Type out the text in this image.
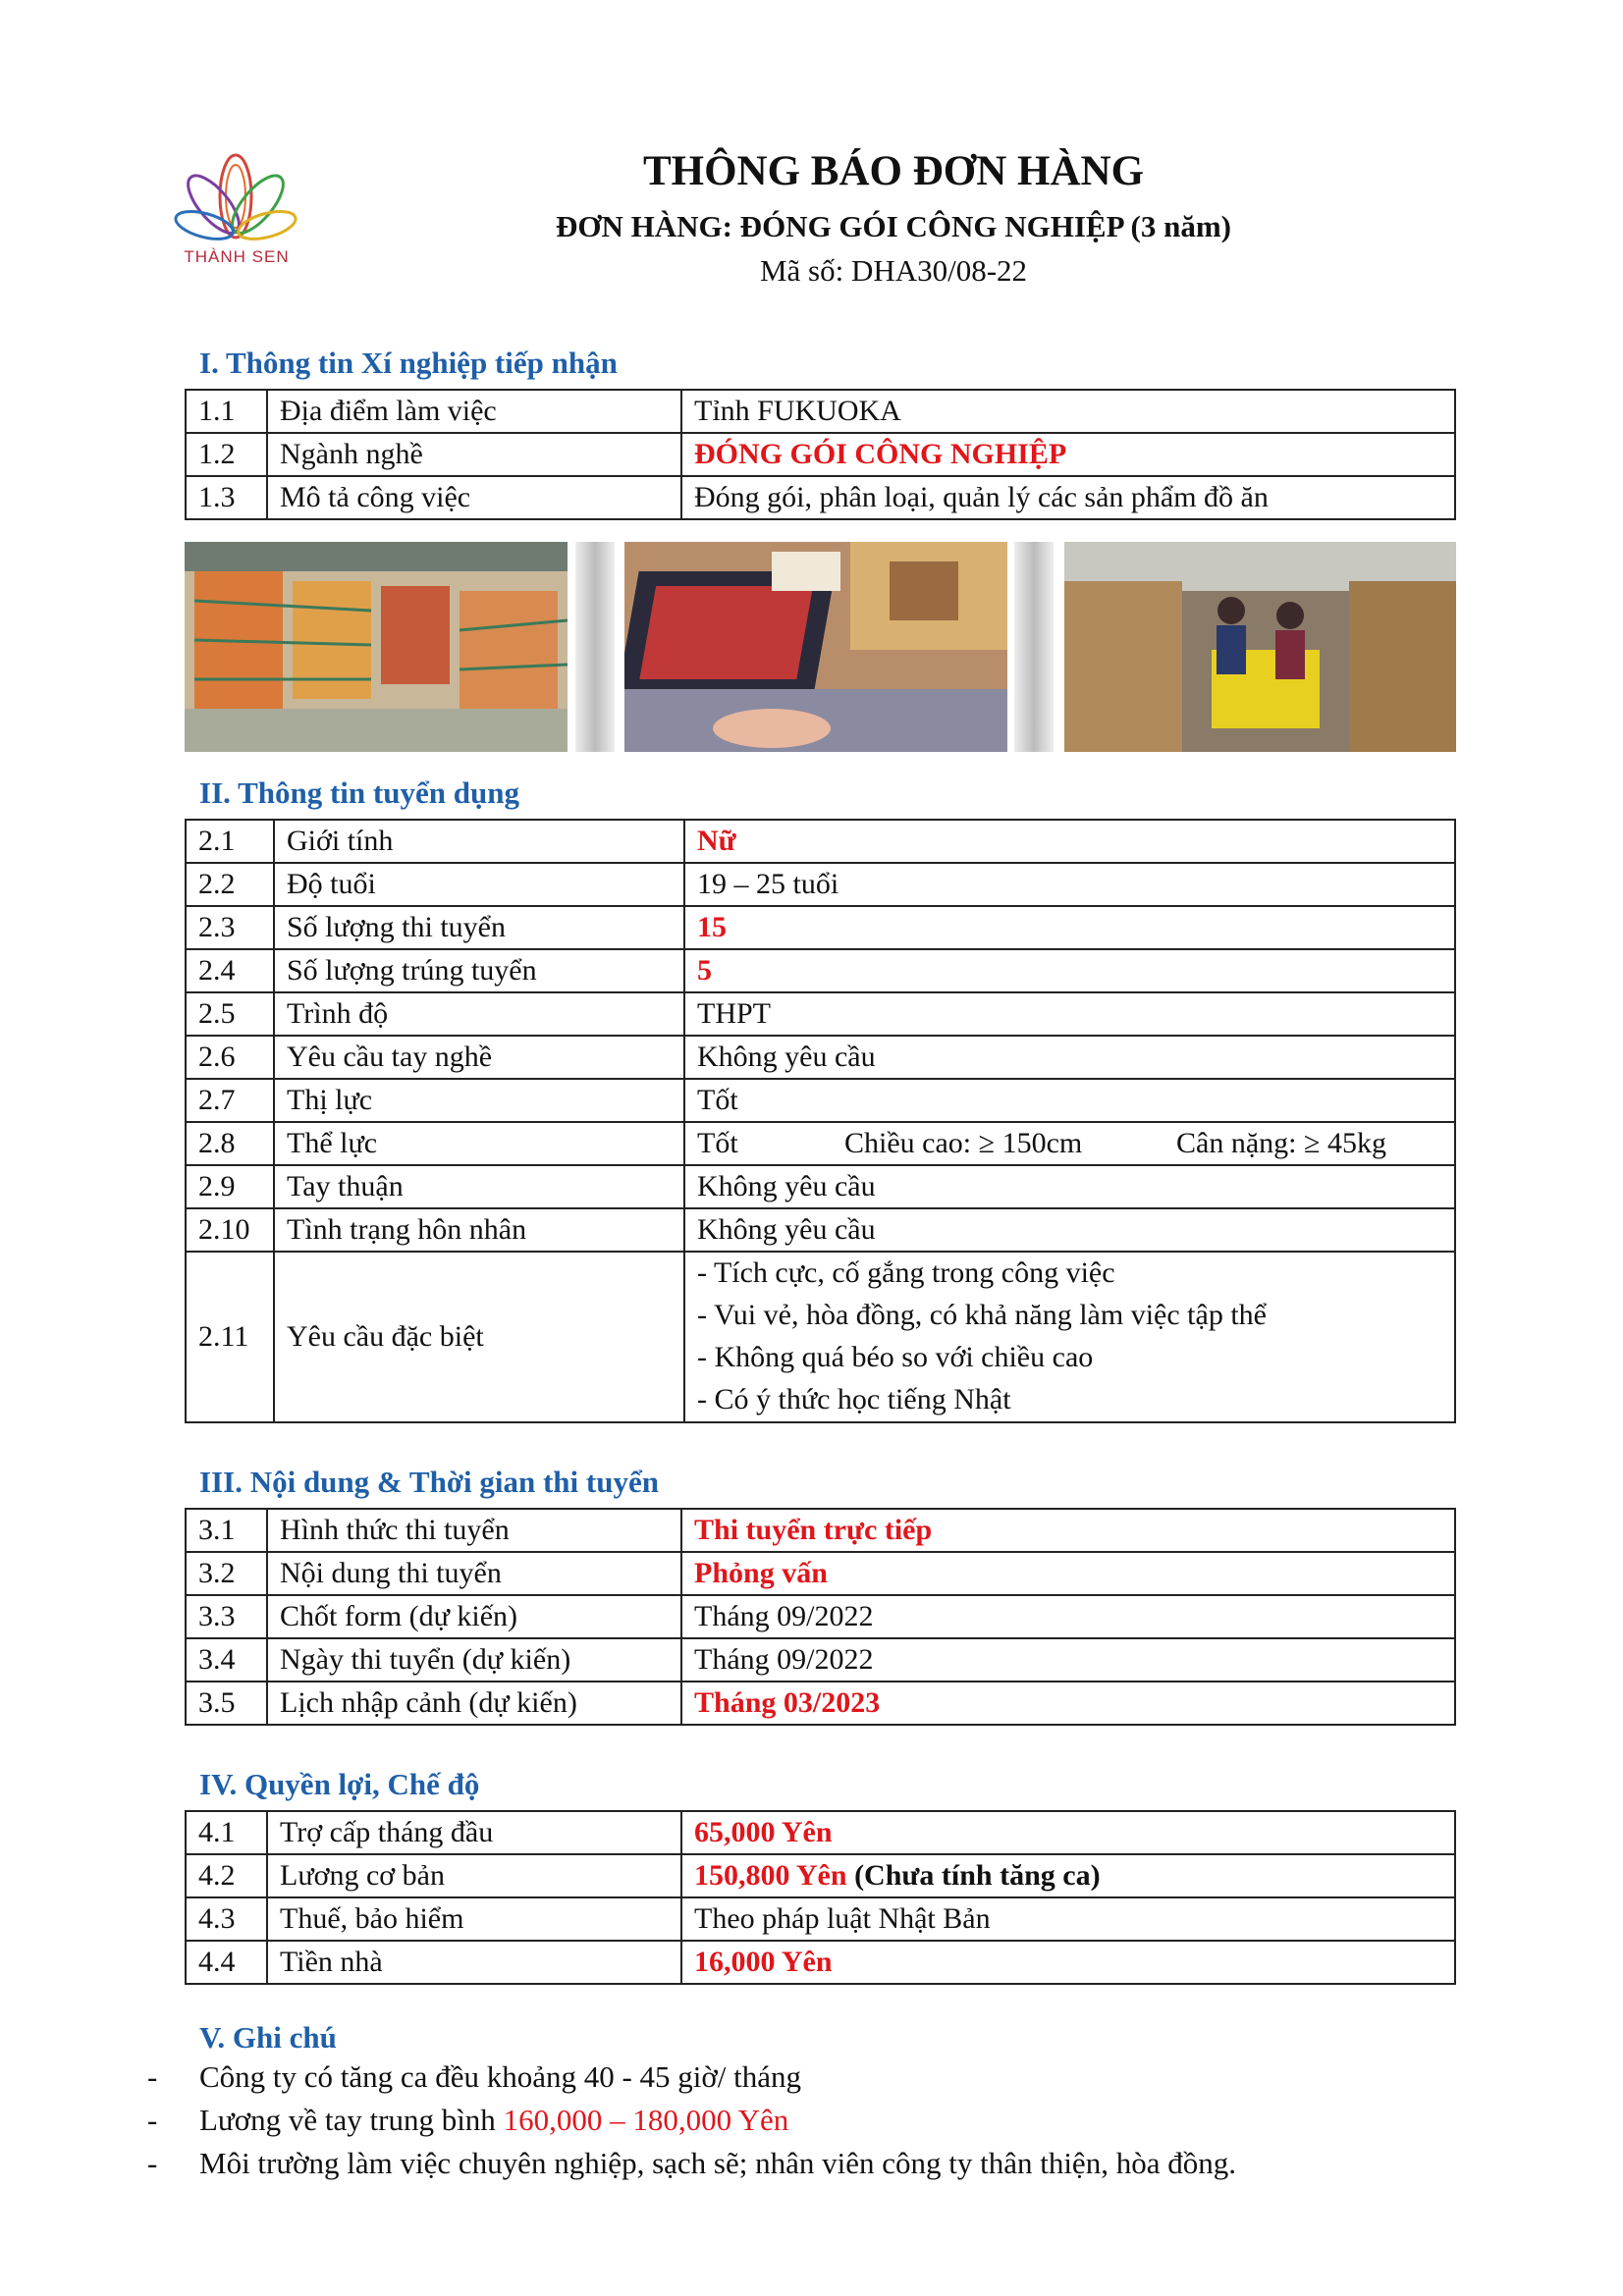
THÀNH SEN
THÔNG BÁO ĐƠN HÀNG
ĐƠN HÀNG: ĐÓNG GÓI CÔNG NGHIỆP (3 năm)
Mã số: DHA30/08-22
I. Thông tin Xí nghiệp tiếp nhận
1.1	Địa điểm làm việc	Tỉnh FUKUOKA
1.2	Ngành nghề	ĐÓNG GÓI CÔNG NGHIỆP
1.3	Mô tả công việc	Đóng gói, phân loại, quản lý các sản phẩm đồ ăn
II. Thông tin tuyển dụng
2.1	Giới tính	Nữ
2.2	Độ tuổi	19 – 25 tuổi
2.3	Số lượng thi tuyển	15
2.4	Số lượng trúng tuyển	5
2.5	Trình độ	THPT
2.6	Yêu cầu tay nghề	Không yêu cầu
2.7	Thị lực	Tốt
2.8	Thể lực	Tốt Chiều cao: ≥ 150cm Cân nặng: ≥ 45kg

2.9	Tay thuận	Không yêu cầu
2.10	Tình trạng hôn nhân	Không yêu cầu
2.11	Yêu cầu đặc biệt	- Tích cực, cố gắng trong công việc
- Vui vẻ, hòa đồng, có khả năng làm việc tập thể
- Không quá béo so với chiều cao
- Có ý thức học tiếng Nhật
III. Nội dung & Thời gian thi tuyển
3.1	Hình thức thi tuyển	Thi tuyển trực tiếp
3.2	Nội dung thi tuyển	Phỏng vấn
3.3	Chốt form (dự kiến)	Tháng 09/2022
3.4	Ngày thi tuyển (dự kiến)	Tháng 09/2022
3.5	Lịch nhập cảnh (dự kiến)	Tháng 03/2023
IV. Quyền lợi, Chế độ
4.1	Trợ cấp tháng đầu	65,000 Yên
4.2	Lương cơ bản	150,800 Yên (Chưa tính tăng ca)
4.3	Thuế, bảo hiểm	Theo pháp luật Nhật Bản
4.4	Tiền nhà	16,000 Yên
V. Ghi chú
-	Công ty có tăng ca đều khoảng 40 - 45 giờ/ tháng
-	Lương về tay trung bình 160,000 – 180,000 Yên
-	Môi trường làm việc chuyên nghiệp, sạch sẽ; nhân viên công ty thân thiện, hòa đồng.
